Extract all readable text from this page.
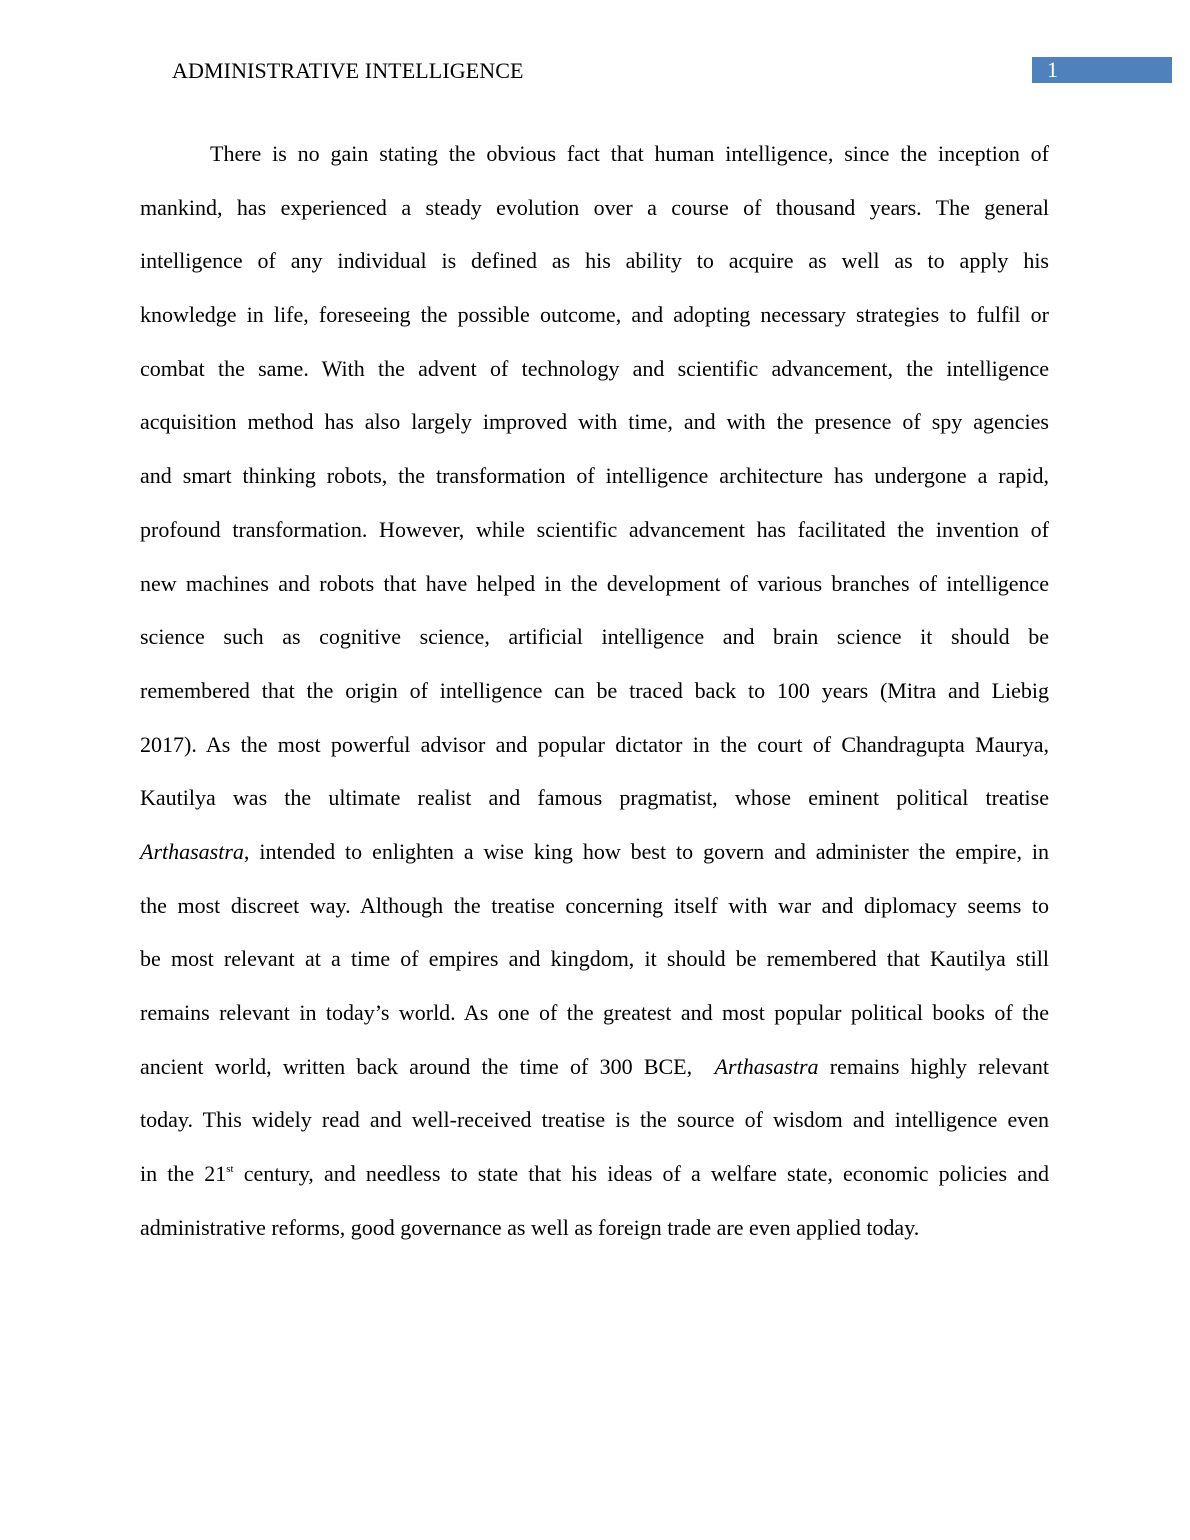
ADMINISTRATIVE INTELLIGENCE	1
There is no gain stating the obvious fact that human intelligence, since the inception of
mankind, has experienced a steady evolution over a course of thousand years. The general
intelligence of any individual is defined as his ability to acquire as well as to apply his
knowledge in life, foreseeing the possible outcome, and adopting necessary strategies to fulfil or
combat the same. With the advent of technology and scientific advancement, the intelligence
acquisition method has also largely improved with time, and with the presence of spy agencies
and smart thinking robots, the transformation of intelligence architecture has undergone a rapid,
profound transformation. However, while scientific advancement has facilitated the invention of
new machines and robots that have helped in the development of various branches of intelligence
science such as cognitive science, artificial intelligence and brain science it should be
remembered that the origin of intelligence can be traced back to 100 years (Mitra and Liebig
2017). As the most powerful advisor and popular dictator in the court of Chandragupta Maurya,
Kautilya was the ultimate realist and famous pragmatist, whose eminent political treatise
Arthasastra, intended to enlighten a wise king how best to govern and administer the empire, in
the most discreet way. Although the treatise concerning itself with war and diplomacy seems to
be most relevant at a time of empires and kingdom, it should be remembered that Kautilya still
remains relevant in today’s world. As one of the greatest and most popular political books of the
ancient world, written back around the time of 300 BCE,  Arthasastra remains highly relevant
today. This widely read and well-received treatise is the source of wisdom and intelligence even
in the 21st century, and needless to state that his ideas of a welfare state, economic policies and
administrative reforms, good governance as well as foreign trade are even applied today.
